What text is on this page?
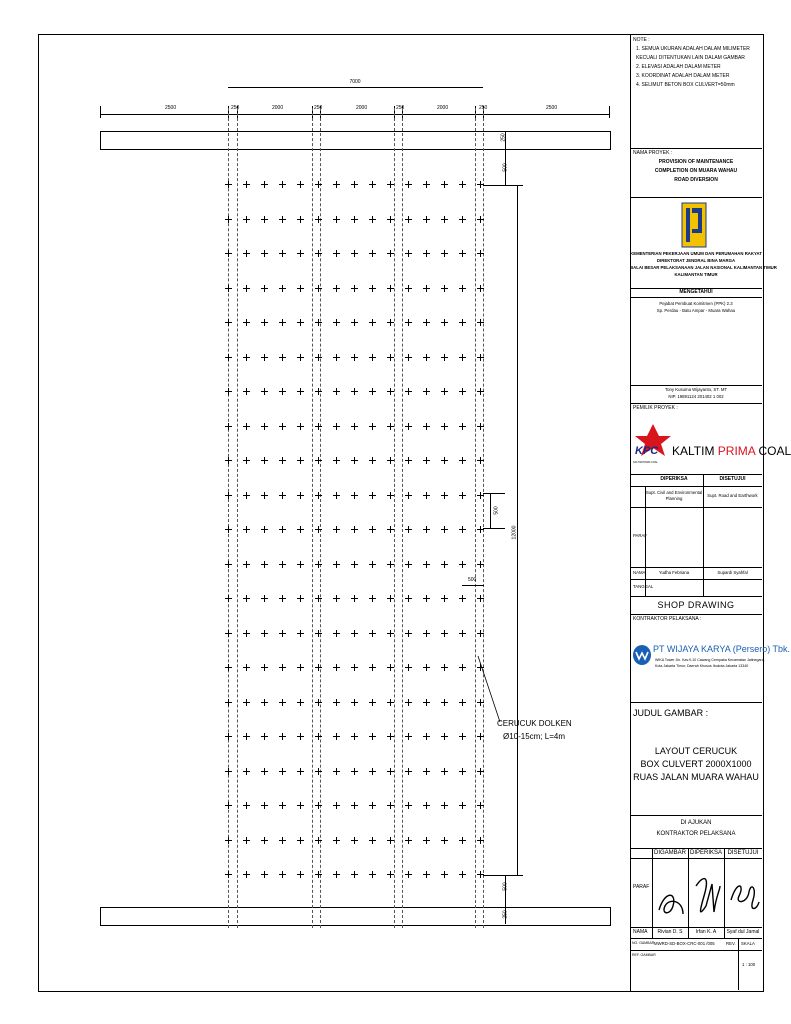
7000
2500	250	2000	250	2000	250	2000	250	2500
250
500
500
12000
500
500
250
CERUCUK DOLKEN
Ø10-15cm; L=4m
NOTE :
1. SEMUA UKURAN ADALAH DALAM MILIMETER
KECUALI DITENTUKAN LAIN DALAM GAMBAR
2. ELEVASI ADALAH DALAM METER
3. KOORDINAT ADALAH DALAM METER
4. SELIMUT BETON BOX CULVERT=50mm
NAMA PROYEK :
PROVISION OF MAINTENANCE
COMPLETION ON MUARA WAHAU
ROAD DIVERSION
KEMENTERIAN PEKERJAAN UMUM DAN PERUMAHAN RAKYAT
DIREKTORAT JENDRAL BINA MARGA
BALAI BESAR PELAKSANAAN JALAN NASIONAL KALIMANTAN TIMUR
KALIMANTAN TIMUR
MENGETAHUI
Pejabat Pembuat Komitmen (PPK) 2.3
Sp. Perdau - Batu Ampar - Muara Wahau
Tony Kusuma Wijayanto, ST. MT
NIP. 19891124 201402 1 002
PEMILIK PROYEK :
KPC
KALTIM PRIMA COAL
KALTIM PRIMA COAL
DIPERIKSA	DISETUJUI
Supt. Civil and Environmental Planning
Supt. Road and Earthwork
PARAF
NAMA	Yudha Febriana	Supardi Syahfal
TANGGAL
SHOP DRAWING
KONTRAKTOR PELAKSANA :
PT WIJAYA KARYA (Persero) Tbk.
WIKA Tower Jln. Kav.9-10 Cawang Cempaka Kecamatan Jatinegara,
Kota Jakarta Timur, Daerah Khusus Ibukota Jakarta 13340
JUDUL GAMBAR :
LAYOUT CERUCUK
BOX CULVERT 2000X1000
RUAS JALAN MUARA WAHAU
DI AJUKAN
KONTRAKTOR PELAKSANA
DIGAMBAR DIPERIKSA DISETUJUI
PARAF
NAMA	Rivian D. S	Irfan K. A	Syaf dul Jamal
NO. GAMBAR MWRD-SD-BOX-CRC-001 /005	REV. SKALA
REF. GAMBAR
1 : 100
